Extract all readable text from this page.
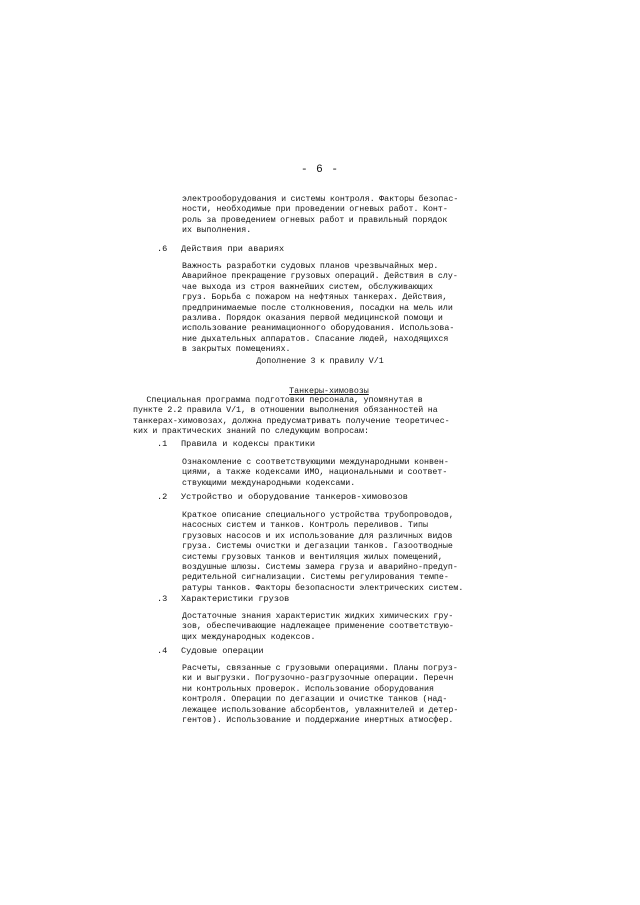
- 6 -

электрооборудования и системы контроля. Факторы безопас-
ности, необходимые при проведении огневых работ. Конт-
роль за проведением огневых работ и правильный порядок
их выполнения.

.6 Действия при авариях

Важность разработки судовых планов чрезвычайных мер.
Аварийное прекращение грузовых операций. Действия в слу-
чае выхода из строя важнейших систем, обслуживающих
груз. Борьба с пожаром на нефтяных танкерах. Действия,
предпринимаемые после столкновения, посадки на мель или
разлива. Порядок оказания первой медицинской помощи и
использование реанимационного оборудования. Использова-
ние дыхательных аппаратов. Спасание людей, находящихся
в закрытых помещениях.

Дополнение 3 к правилу V/1

Танкеры-химовозы

Специальная программа подготовки персонала, упомянутая в
пункте 2.2 правила V/1, в отношении выполнения обязанностей на
танкерах-химовозах, должна предусматривать получение теоретичес-
ких и практических знаний по следующим вопросам:

.1 Правила и кодексы практики

Ознакомление с соответствующими международными конвен-
циями, а также кодексами ИМО, национальными и соответ-
ствующими международными кодексами.

.2 Устройство и оборудование танкеров-химовозов

Краткое описание специального устройства трубопроводов,
насосных систем и танков. Контроль переливов. Типы
грузовых насосов и их использование для различных видов
груза. Системы очистки и дегазации танков. Газоотводные
системы грузовых танков и вентиляция жилых помещений,
воздушные шлюзы. Системы замера груза и аварийно-предуп-
редительной сигнализации. Системы регулирования темпе-
ратуры танков. Факторы безопасности электрических систем.

.3 Характеристики грузов

Достаточные знания характеристик жидких химических гру-
зов, обеспечивающие надлежащее применение соответствую-
щих международных кодексов.

.4 Судовые операции

Расчеты, связанные с грузовыми операциями. Планы погруз-
ки и выгрузки. Погрузочно-разгрузочные операции. Перечн
ни контрольных проверок. Использование оборудования
контроля. Операции по дегазации и очистке танков (над-
лежащее использование абсорбентов, увлажнителей и детер-
гентов). Использование и поддержание инертных атмосфер.
